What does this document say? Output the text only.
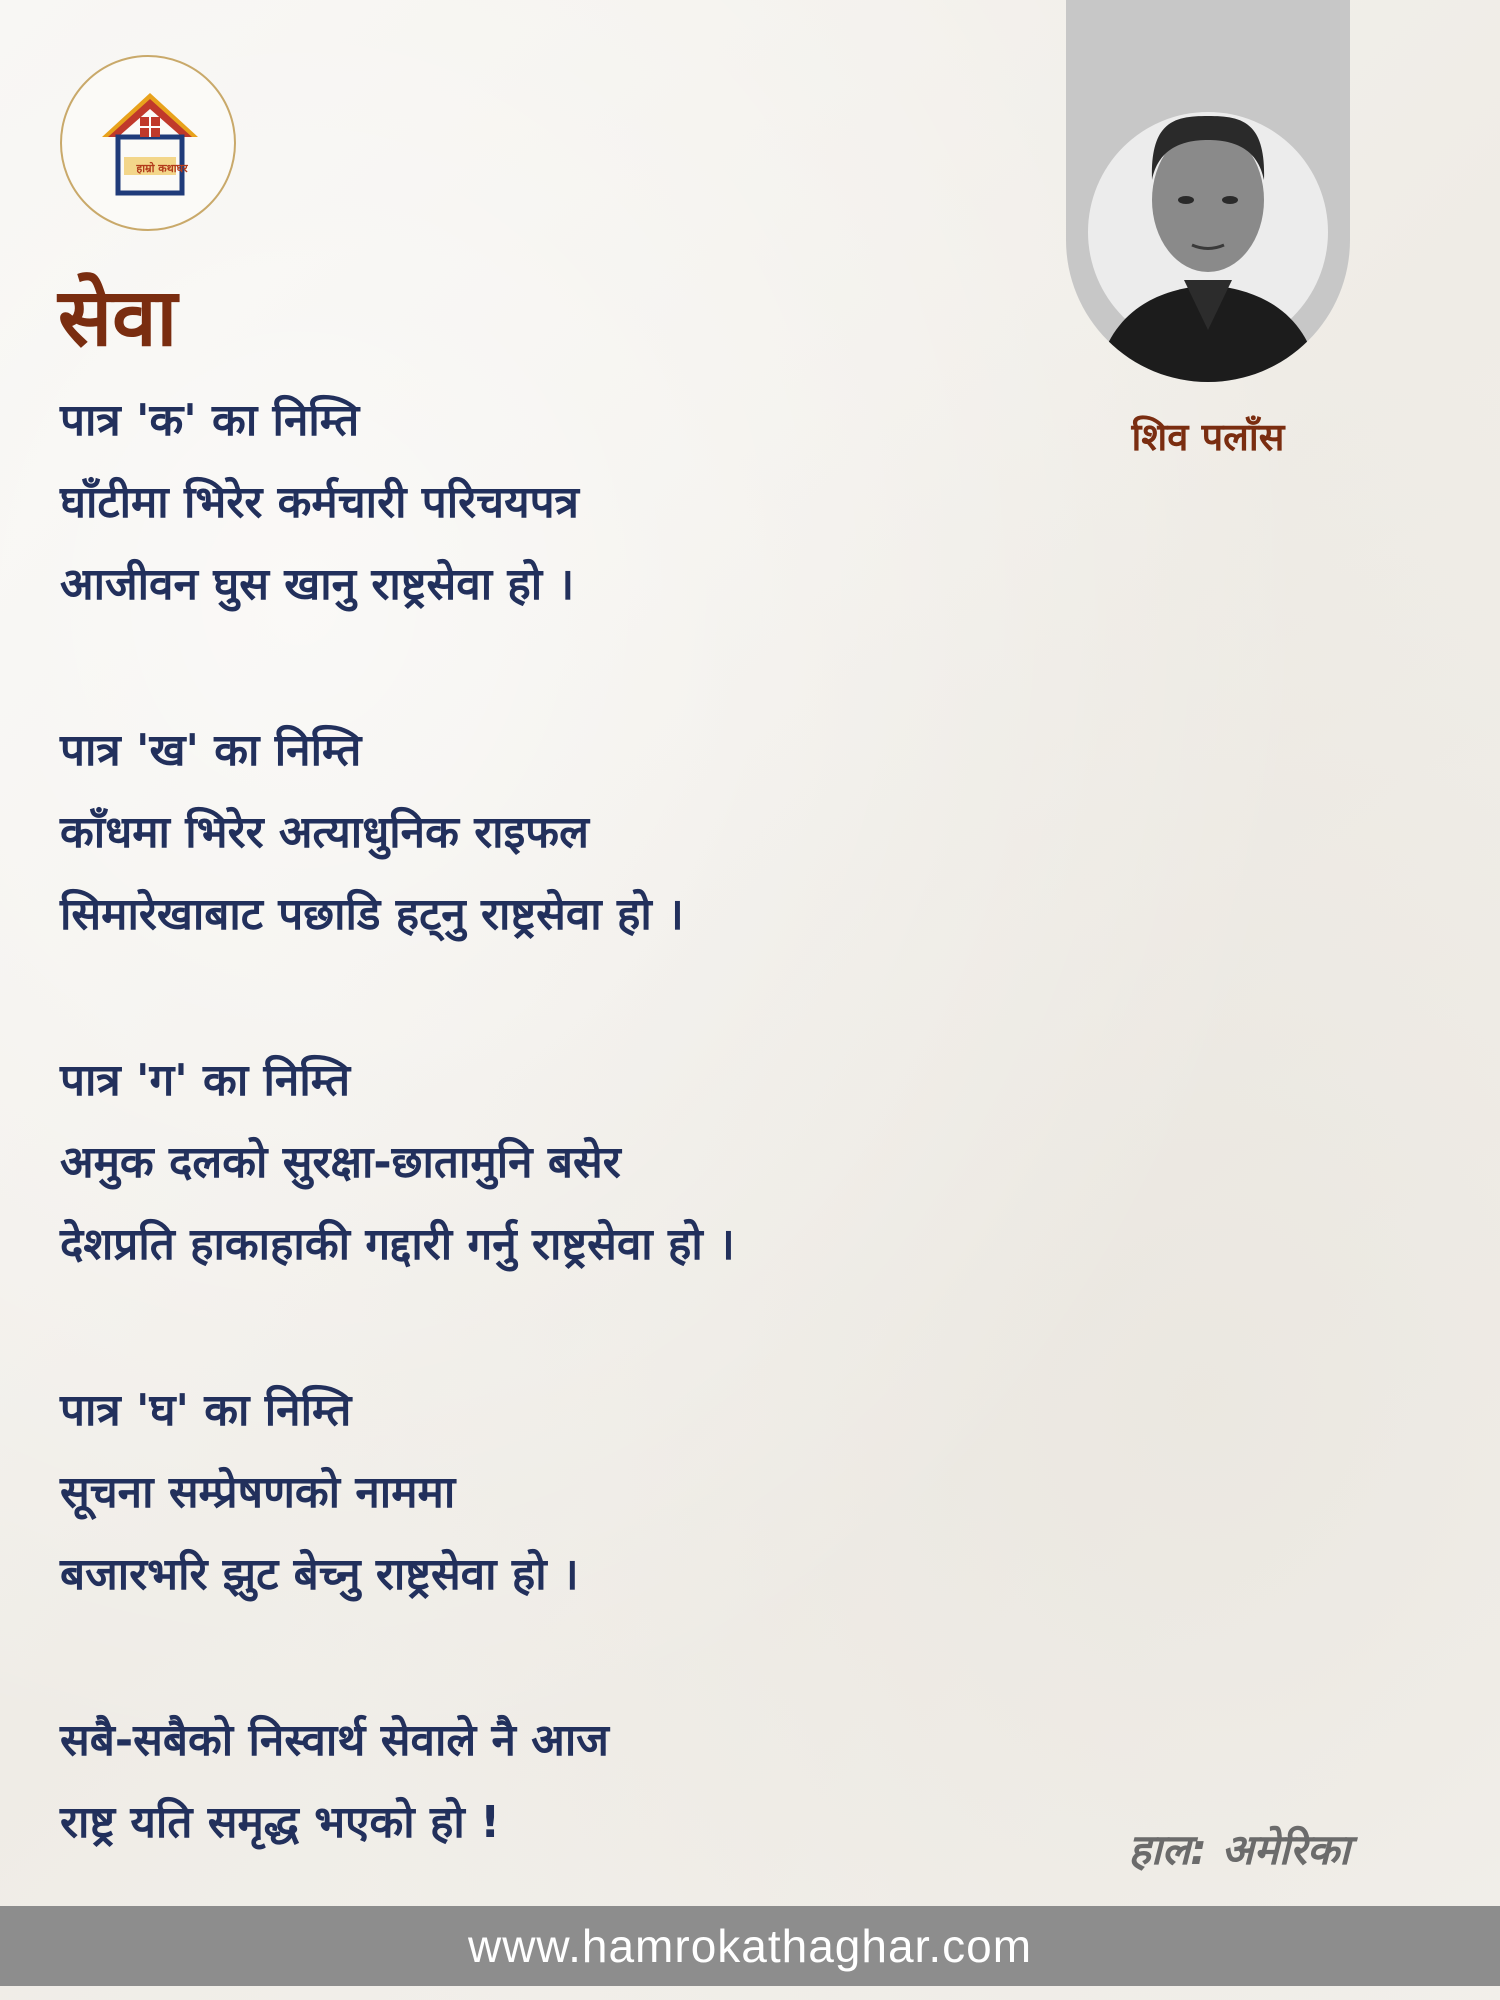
हाम्रो कथाघर
सेवा
पात्र 'क' का निम्ति
घाँटीमा भिरेर कर्मचारी परिचयपत्र
आजीवन घुस खानु राष्ट्रसेवा हो ।
पात्र 'ख' का निम्ति
काँधमा भिरेर अत्याधुनिक राइफल
सिमारेखाबाट पछाडि हट्नु राष्ट्रसेवा हो ।
पात्र 'ग' का निम्ति
अमुक दलको सुरक्षा-छातामुनि बसेर
देशप्रति हाकाहाकी गद्दारी गर्नु राष्ट्रसेवा हो ।
पात्र 'घ' का निम्ति
सूचना सम्प्रेषणको नाममा
बजारभरि झुट बेच्नु राष्ट्रसेवा हो ।
सबै-सबैको निस्वार्थ सेवाले नै आज
राष्ट्र यति समृद्ध भएको हो !
शिव पलाँस
हाल: अमेरिका
www.hamrokathaghar.com
